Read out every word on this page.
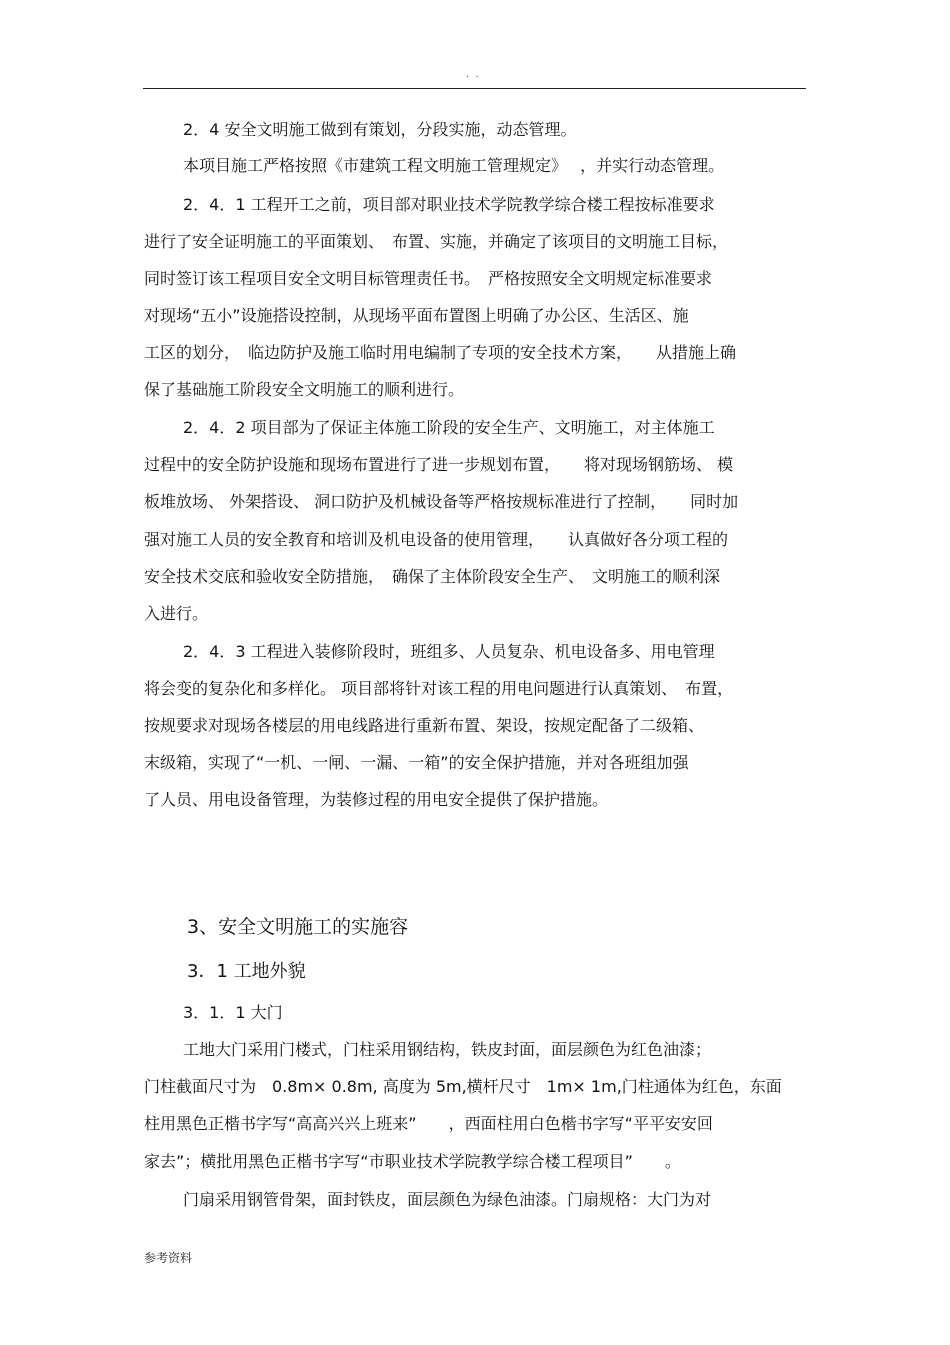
. .
2．4 安全文明施工做到有策划，分段实施，动态管理。
本项目施工严格按照《市建筑工程文明施工管理规定》　 ，并实行动态管理。
2．4．1 工程开工之前，项目部对职业技术学院教学综合楼工程按标准要求
进行了安全证明施工的平面策划、　布置、实施，并确定了该项目的文明施工目标，
同时签订该工程项目安全文明目标管理责任书。　严格按照安全文明规定标准要求
对现场“五小”设施搭设控制，从现场平面布置图上明确了办公区、生活区、施
工区的划分，　临边防护及施工临时用电编制了专项的安全技术方案，　　从措施上确
保了基础施工阶段安全文明施工的顺利进行。
2．4．2 项目部为了保证主体施工阶段的安全生产、文明施工，对主体施工
过程中的安全防护设施和现场布置进行了进一步规划布置，　　将对现场钢筋场、 模
板堆放场、 外架搭设、 洞口防护及机械设备等严格按规标准进行了控制，　　同时加
强对施工人员的安全教育和培训及机电设备的使用管理，　　认真做好各分项工程的
安全技术交底和验收安全防措施，　确保了主体阶段安全生产、　文明施工的顺利深
入进行。
2．4．3 工程进入装修阶段时，班组多、人员复杂、机电设备多、用电管理
将会变的复杂化和多样化。 项目部将针对该工程的用电问题进行认真策划、　布置，
按规要求对现场各楼层的用电线路进行重新布置、架设，按规定配备了二级箱、
末级箱，实现了“一机、一闸、一漏、一箱”的安全保护措施，并对各班组加强
了人员、用电设备管理，为装修过程的用电安全提供了保护措施。
3、安全文明施工的实施容
3．1 工地外貌
3．1．1 大门
工地大门采用门楼式，门柱采用钢结构，铁皮封面，面层颜色为红色油漆；
门柱截面尺寸为　0.8m× 0.8m, 高度为 5m,横杆尺寸　1m× 1m,门柱通体为红色，东面
柱用黑色正楷书字写“高高兴兴上班来”　　，西面柱用白色楷书字写“平平安安回
家去”；横批用黑色正楷书字写“市职业技术学院教学综合楼工程项目”　　。
门扇采用钢管骨架，面封铁皮，面层颜色为绿色油漆。门扇规格：大门为对
参考资料
